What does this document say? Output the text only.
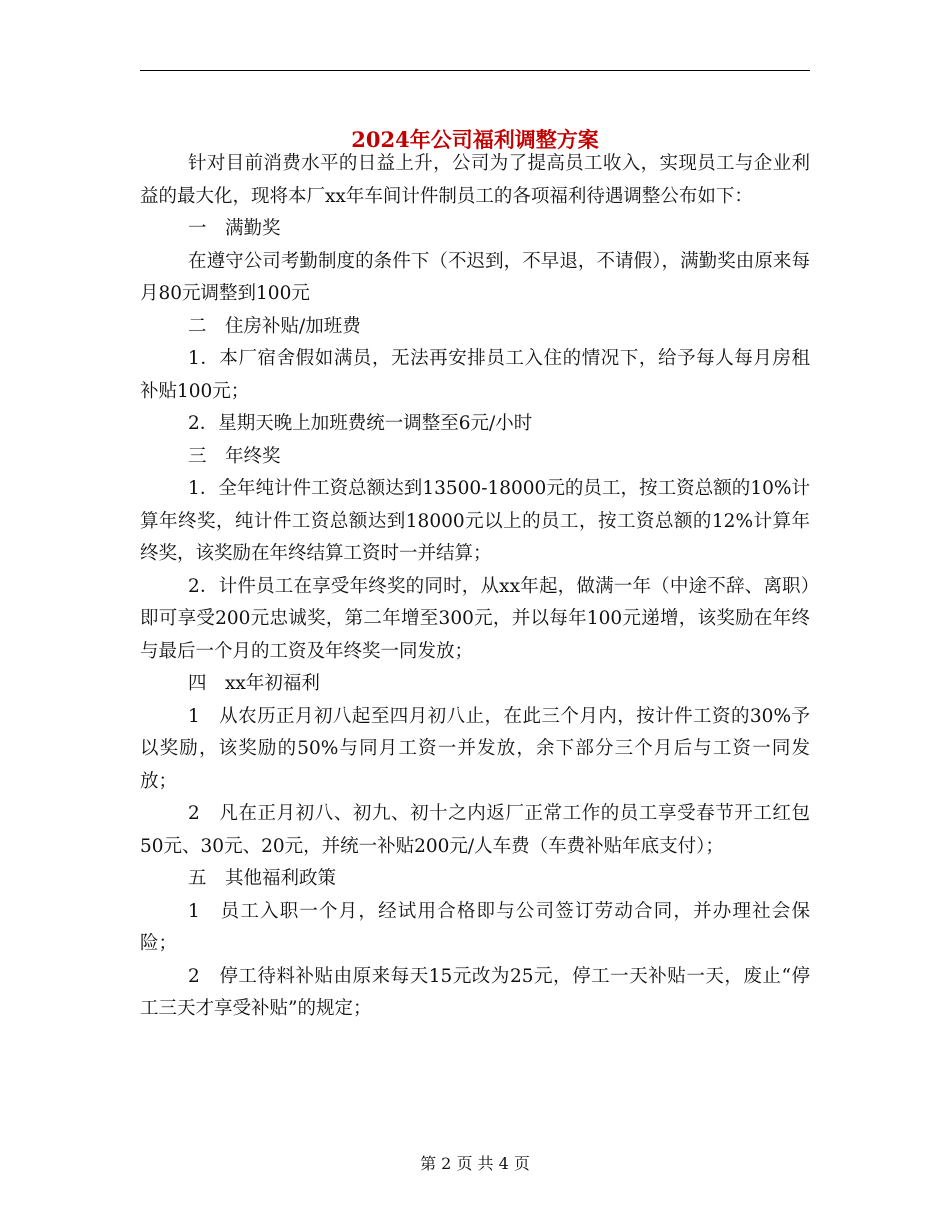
2024年公司福利调整方案

针对目前消费水平的日益上升，公司为了提高员工收入，实现员工与企业利益的最大化，现将本厂xx年车间计件制员工的各项福利待遇调整公布如下：

一　满勤奖

在遵守公司考勤制度的条件下（不迟到，不早退，不请假），满勤奖由原来每月80元调整到100元

二　住房补贴/加班费

1．本厂宿舍假如满员，无法再安排员工入住的情况下，给予每人每月房租补贴100元；

2．星期天晚上加班费统一调整至6元/小时

三　年终奖

1．全年纯计件工资总额达到13500-18000元的员工，按工资总额的10%计算年终奖，纯计件工资总额达到18000元以上的员工，按工资总额的12%计算年终奖，该奖励在年终结算工资时一并结算；

2．计件员工在享受年终奖的同时，从xx年起，做满一年（中途不辞、离职）即可享受200元忠诚奖，第二年增至300元，并以每年100元递增，该奖励在年终与最后一个月的工资及年终奖一同发放；

四　xx年初福利

1　从农历正月初八起至四月初八止，在此三个月内，按计件工资的30%予以奖励，该奖励的50%与同月工资一并发放，余下部分三个月后与工资一同发放；

2　凡在正月初八、初九、初十之内返厂正常工作的员工享受春节开工红包50元、30元、20元，并统一补贴200元/人车费（车费补贴年底支付）；

五　其他福利政策

1　员工入职一个月，经试用合格即与公司签订劳动合同，并办理社会保险；

2　停工待料补贴由原来每天15元改为25元，停工一天补贴一天，废止“停工三天才享受补贴”的规定；

第 2 页 共 4 页
